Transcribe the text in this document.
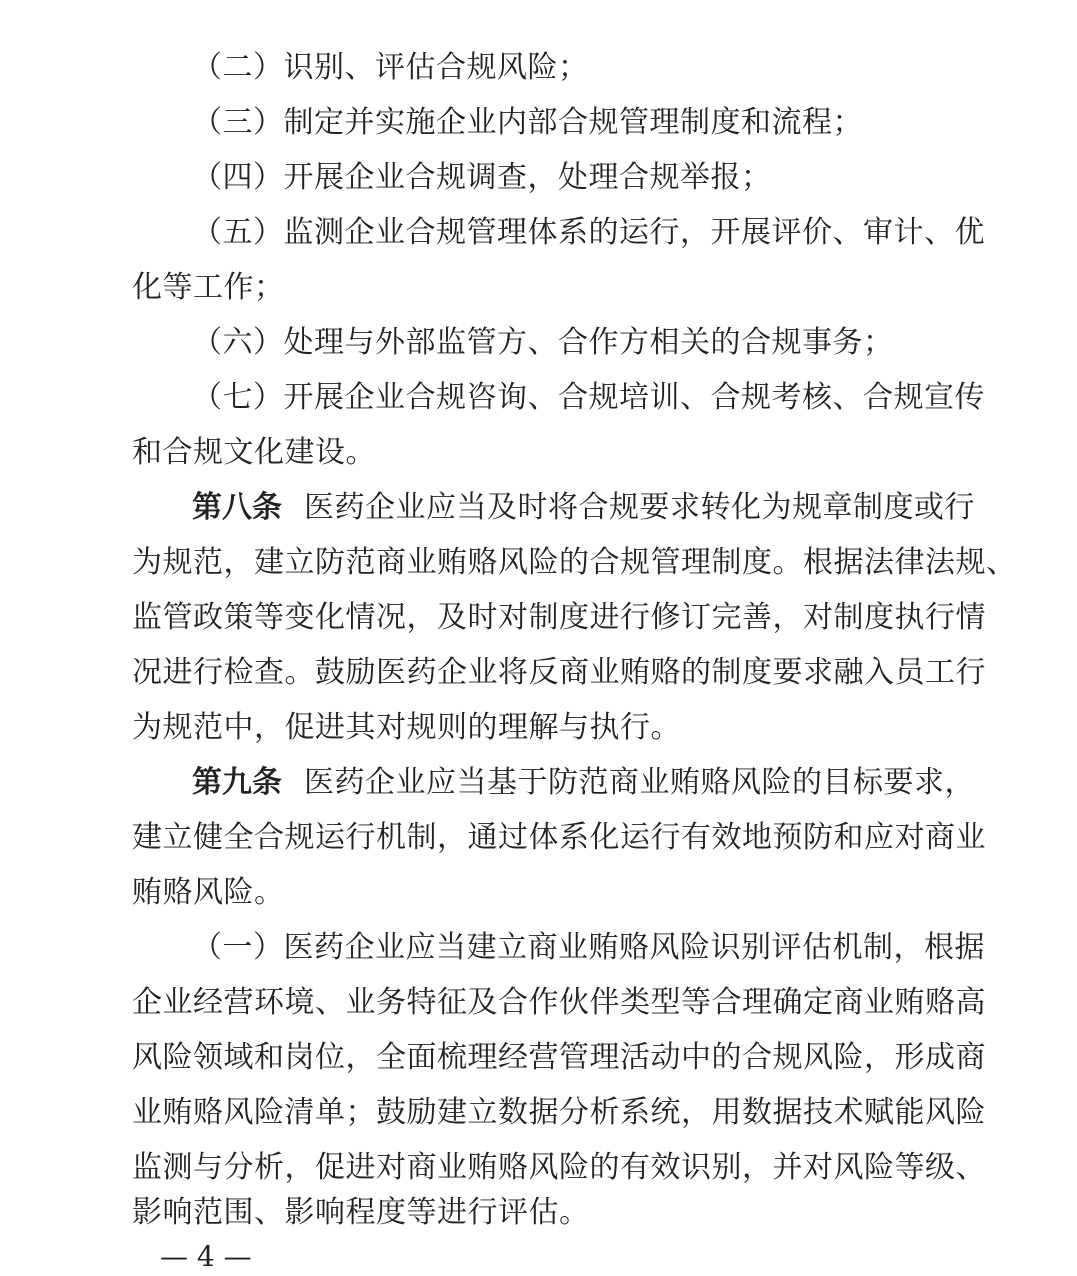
（二）识别、评估合规风险；
（三）制定并实施企业内部合规管理制度和流程；
（四）开展企业合规调查，处理合规举报；
（五）监测企业合规管理体系的运行，开展评价、审计、优
化等工作；
（六）处理与外部监管方、合作方相关的合规事务；
（七）开展企业合规咨询、合规培训、合规考核、合规宣传
和合规文化建设。
第八条 医药企业应当及时将合规要求转化为规章制度或行
为规范，建立防范商业贿赂风险的合规管理制度。根据法律法规、
监管政策等变化情况，及时对制度进行修订完善，对制度执行情
况进行检查。鼓励医药企业将反商业贿赂的制度要求融入员工行
为规范中，促进其对规则的理解与执行。
第九条 医药企业应当基于防范商业贿赂风险的目标要求，
建立健全合规运行机制，通过体系化运行有效地预防和应对商业
贿赂风险。
（一）医药企业应当建立商业贿赂风险识别评估机制，根据
企业经营环境、业务特征及合作伙伴类型等合理确定商业贿赂高
风险领域和岗位，全面梳理经营管理活动中的合规风险，形成商
业贿赂风险清单；鼓励建立数据分析系统，用数据技术赋能风险
监测与分析，促进对商业贿赂风险的有效识别，并对风险等级、
影响范围、影响程度等进行评估。
— 4 —
